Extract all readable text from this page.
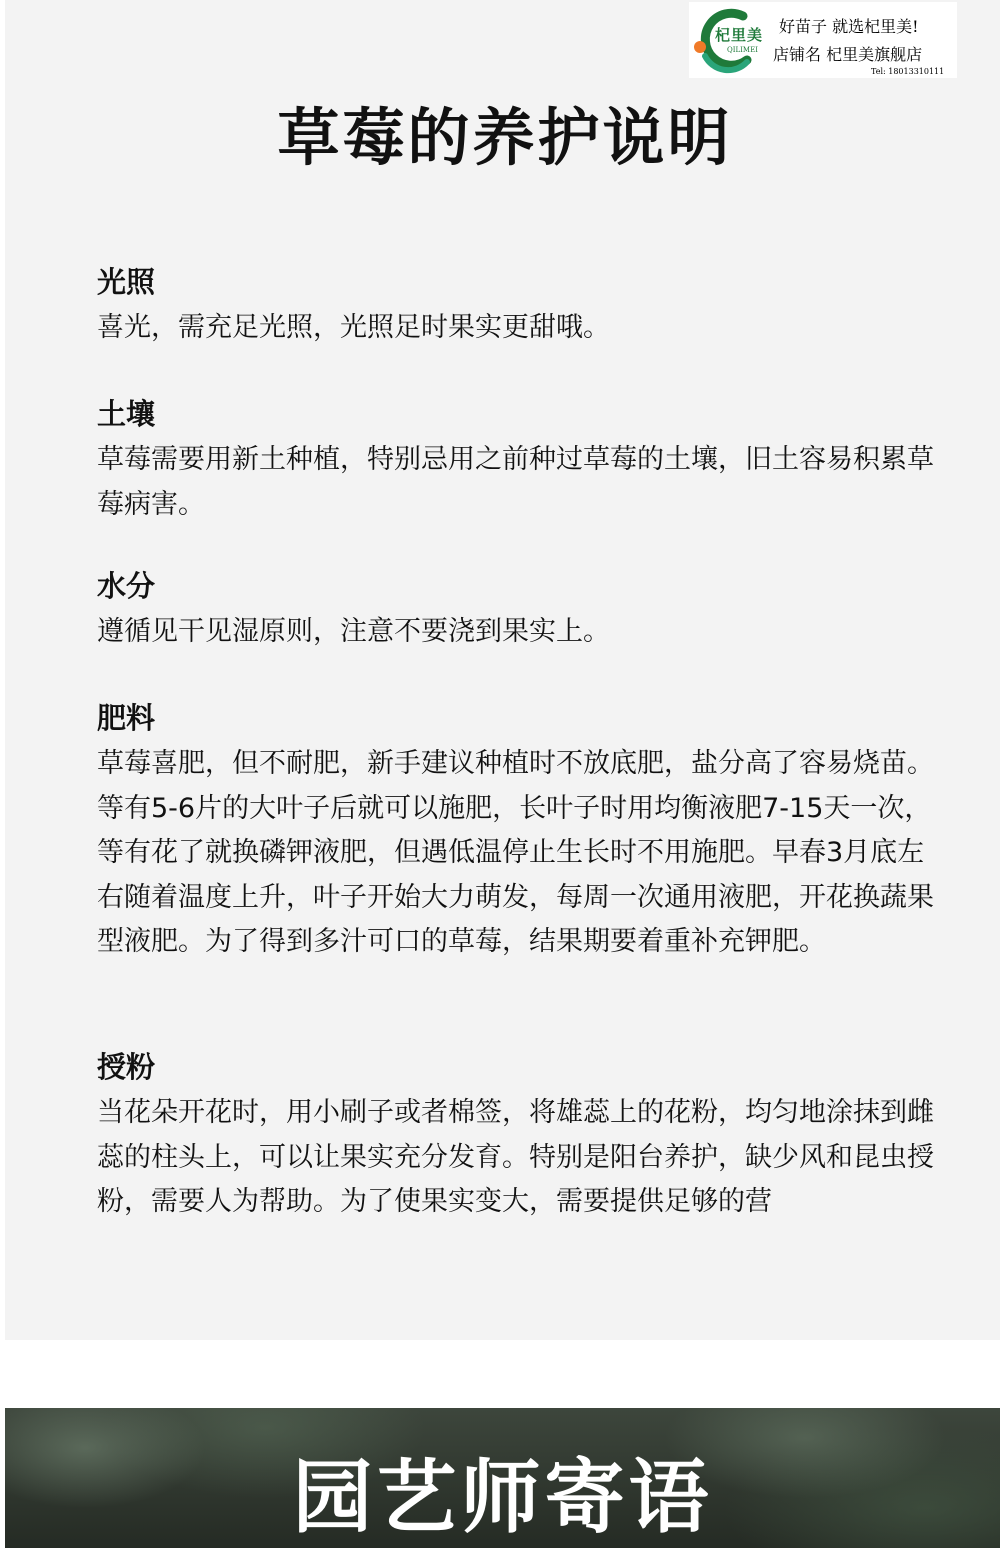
杞里美
QILIMEI
好苗子 就选杞里美!
店铺名 杞里美旗舰店
Tel: 18013310111
草莓的养护说明
光照

喜光，需充足光照，光照足时果实更甜哦。

土壤

草莓需要用新土种植，特别忌用之前种过草莓的土壤，旧土容易积累草莓病害。

水分

遵循见干见湿原则，注意不要浇到果实上。

肥料

草莓喜肥，但不耐肥，新手建议种植时不放底肥，盐分高了容易烧苗。等有5-6片的大叶子后就可以施肥，长叶子时用均衡液肥7-15天一次，等有花了就换磷钾液肥，但遇低温停止生长时不用施肥。早春3月底左右随着温度上升，叶子开始大力萌发，每周一次通用液肥，开花换蔬果型液肥。为了得到多汁可口的草莓，结果期要着重补充钾肥。

授粉

当花朵开花时，用小刷子或者棉签，将雄蕊上的花粉，均匀地涂抹到雌蕊的柱头上，可以让果实充分发育。特别是阳台养护，缺少风和昆虫授粉，需要人为帮助。为了使果实变大，需要提供足够的营

园艺师寄语
